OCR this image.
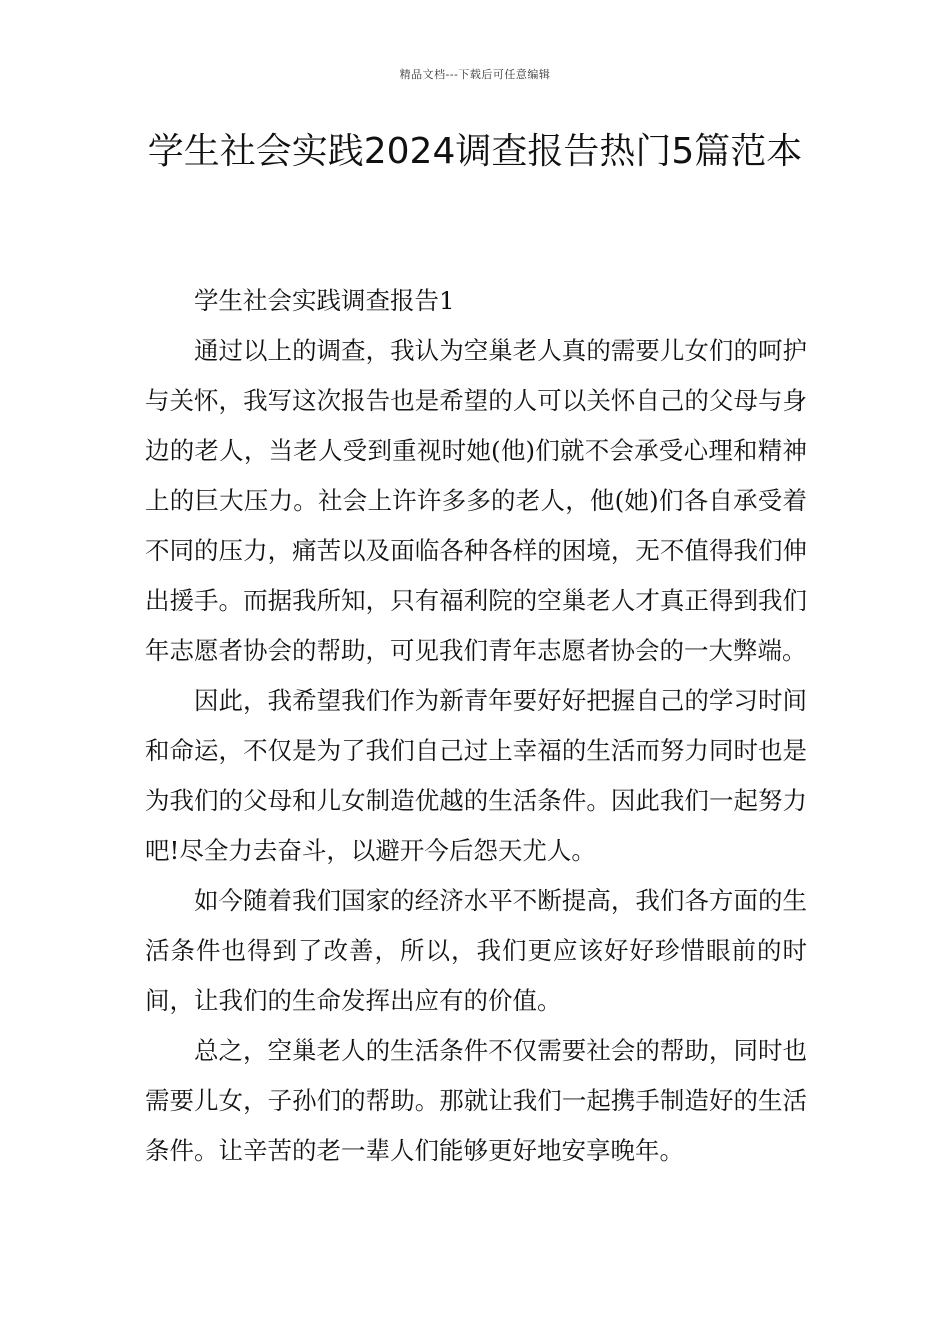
精品文档---下载后可任意编辑
学生社会实践2024调查报告热门5篇范本

学生社会实践调查报告1

通过以上的调查，我认为空巢老人真的需要儿女们的呵护与关怀，我写这次报告也是希望的人可以关怀自己的父母与身边的老人，当老人受到重视时她(他)们就不会承受心理和精神上的巨大压力。社会上许许多多的老人，他(她)们各自承受着不同的压力，痛苦以及面临各种各样的困境，无不值得我们伸出援手。而据我所知，只有福利院的空巢老人才真正得到我们年志愿者协会的帮助，可见我们青年志愿者协会的一大弊端。

因此，我希望我们作为新青年要好好把握自己的学习时间和命运，不仅是为了我们自己过上幸福的生活而努力同时也是为我们的父母和儿女制造优越的生活条件。因此我们一起努力吧!尽全力去奋斗，以避开今后怨天尤人。

如今随着我们国家的经济水平不断提高，我们各方面的生活条件也得到了改善，所以，我们更应该好好珍惜眼前的时间，让我们的生命发挥出应有的价值。

总之，空巢老人的生活条件不仅需要社会的帮助，同时也需要儿女，子孙们的帮助。那就让我们一起携手制造好的生活条件。让辛苦的老一辈人们能够更好地安享晚年。
